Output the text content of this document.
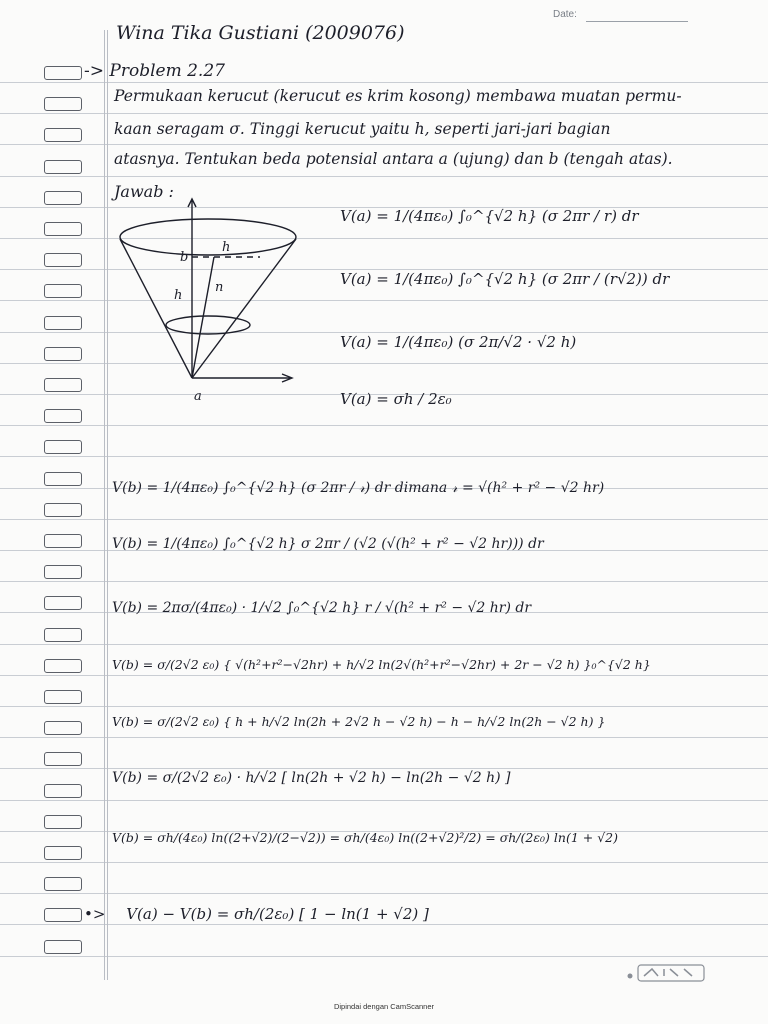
Date:
Wina Tika Gustiani (2009076)
-> Problem 2.27
Permukaan kerucut (kerucut es krim kosong) membawa muatan permu-
kaan seragam σ. Tinggi kerucut yaitu h, seperti jari-jari bagian
atasnya. Tentukan beda potensial antara a (ujung) dan b (tengah atas).
Jawab :
b
h
h
n
a
V(a) = 1/(4πε₀) ∫₀^{√2 h} (σ 2πr / r) dr
V(a) = 1/(4πε₀) ∫₀^{√2 h} (σ 2πr / (r√2)) dr
V(a) = 1/(4πε₀) (σ 2π/√2 · √2 h)
V(a) = σh / 2ε₀
V(b) = 1/(4πε₀) ∫₀^{√2 h} (σ 2πr / 𝓇) dr dimana 𝓇 = √(h² + r² − √2 hr)
V(b) = 1/(4πε₀) ∫₀^{√2 h} σ 2πr / (√2 (√(h² + r² − √2 hr))) dr
V(b) = 2πσ/(4πε₀) · 1/√2 ∫₀^{√2 h} r / √(h² + r² − √2 hr) dr
V(b) = σ/(2√2 ε₀) { √(h²+r²−√2hr) + h/√2 ln(2√(h²+r²−√2hr) + 2r − √2 h) }₀^{√2 h}
V(b) = σ/(2√2 ε₀) { h + h/√2 ln(2h + 2√2 h − √2 h) − h − h/√2 ln(2h − √2 h) }
V(b) = σ/(2√2 ε₀) · h/√2 [ ln(2h + √2 h) − ln(2h − √2 h) ]
V(b) = σh/(4ε₀) ln((2+√2)/(2−√2)) = σh/(4ε₀) ln((2+√2)²/2) = σh/(2ε₀) ln(1 + √2)
•> V(a) − V(b) = σh/(2ε₀) [ 1 − ln(1 + √2) ]
Dipindai dengan CamScanner
